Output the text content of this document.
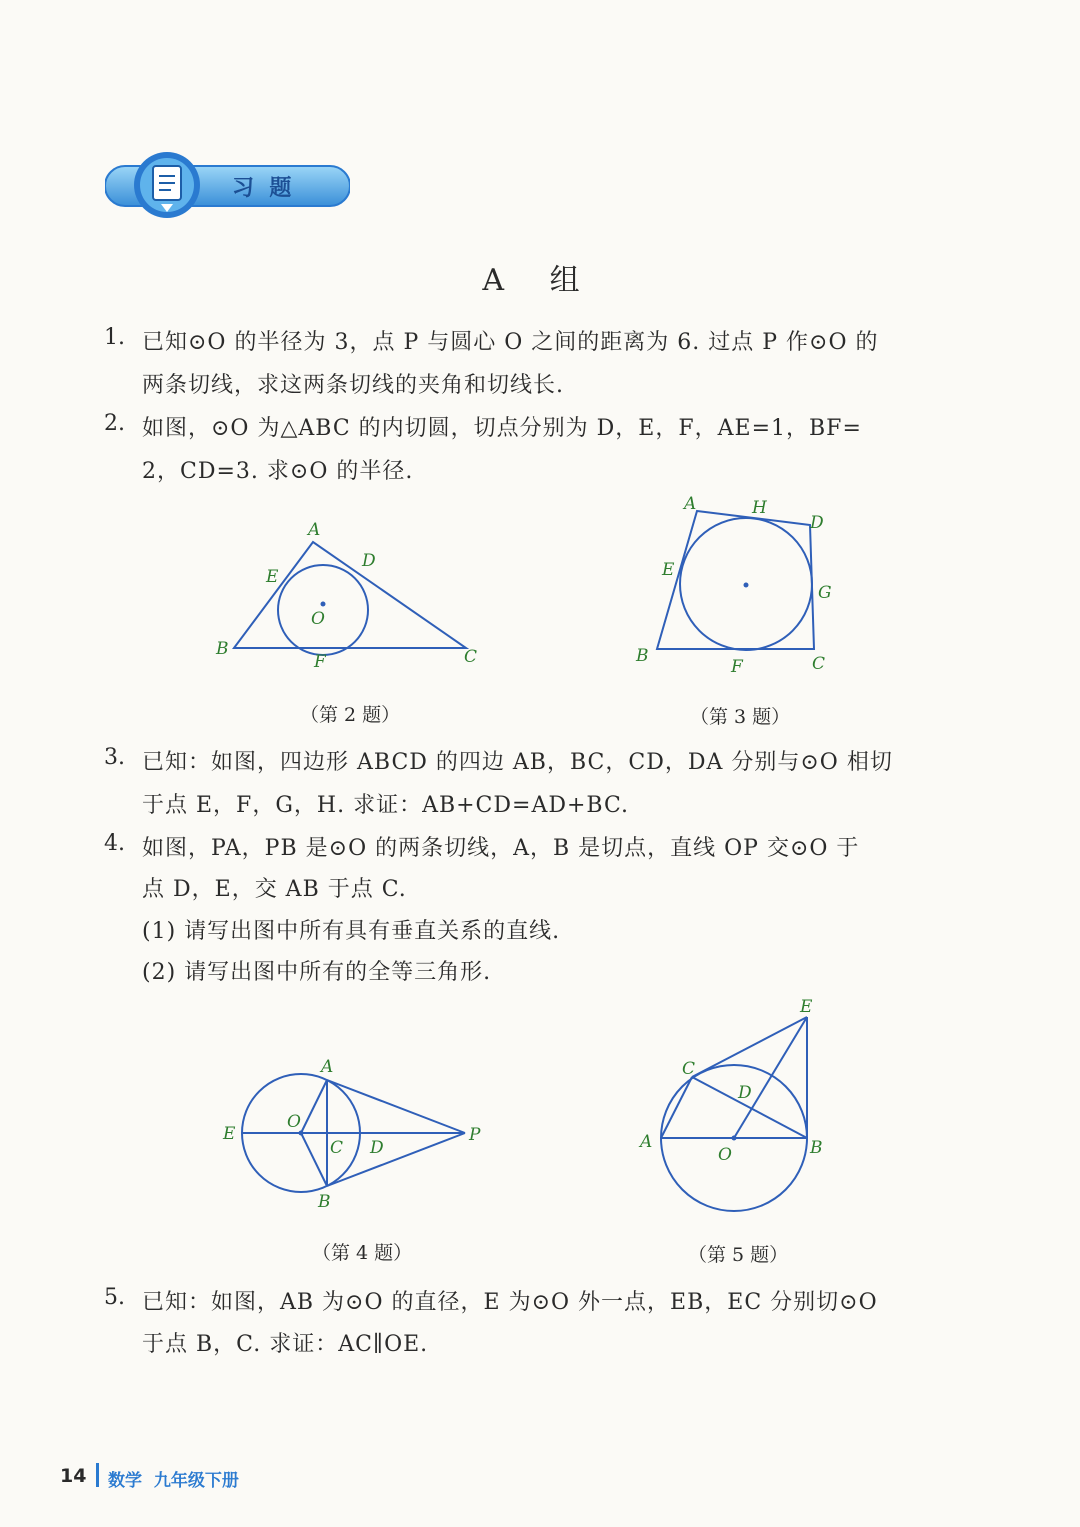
习  题
A 组
1. 已知⊙O 的半径为 3，点 P 与圆心 O 之间的距离为 6. 过点 P 作⊙O 的
两条切线，求这两条切线的夹角和切线长.
2. 如图，⊙O 为△ABC 的内切圆，切点分别为 D，E，F，AE=1，BF=
2，CD=3. 求⊙O 的半径.
A
B	C
D
E
F
O
（第 2 题）
A
B	C
D
E
F
G
H
（第 3 题）
3. 已知：如图，四边形 ABCD 的四边 AB，BC，CD，DA 分别与⊙O 相切
于点 E，F，G，H. 求证：AB+CD=AD+BC.
4. 如图，PA，PB 是⊙O 的两条切线，A，B 是切点，直线 OP 交⊙O 于
点 D，E，交 AB 于点 C.
(1) 请写出图中所有具有垂直关系的直线.
(2) 请写出图中所有的全等三角形.
A
B
C D
E
O
P
（第 4 题）
A	B
C
D
E
O
（第 5 题）
5. 已知：如图，AB 为⊙O 的直径，E 为⊙O 外一点，EB，EC 分别切⊙O
于点 B，C. 求证：AC∥OE.
14 数学  九年级下册
